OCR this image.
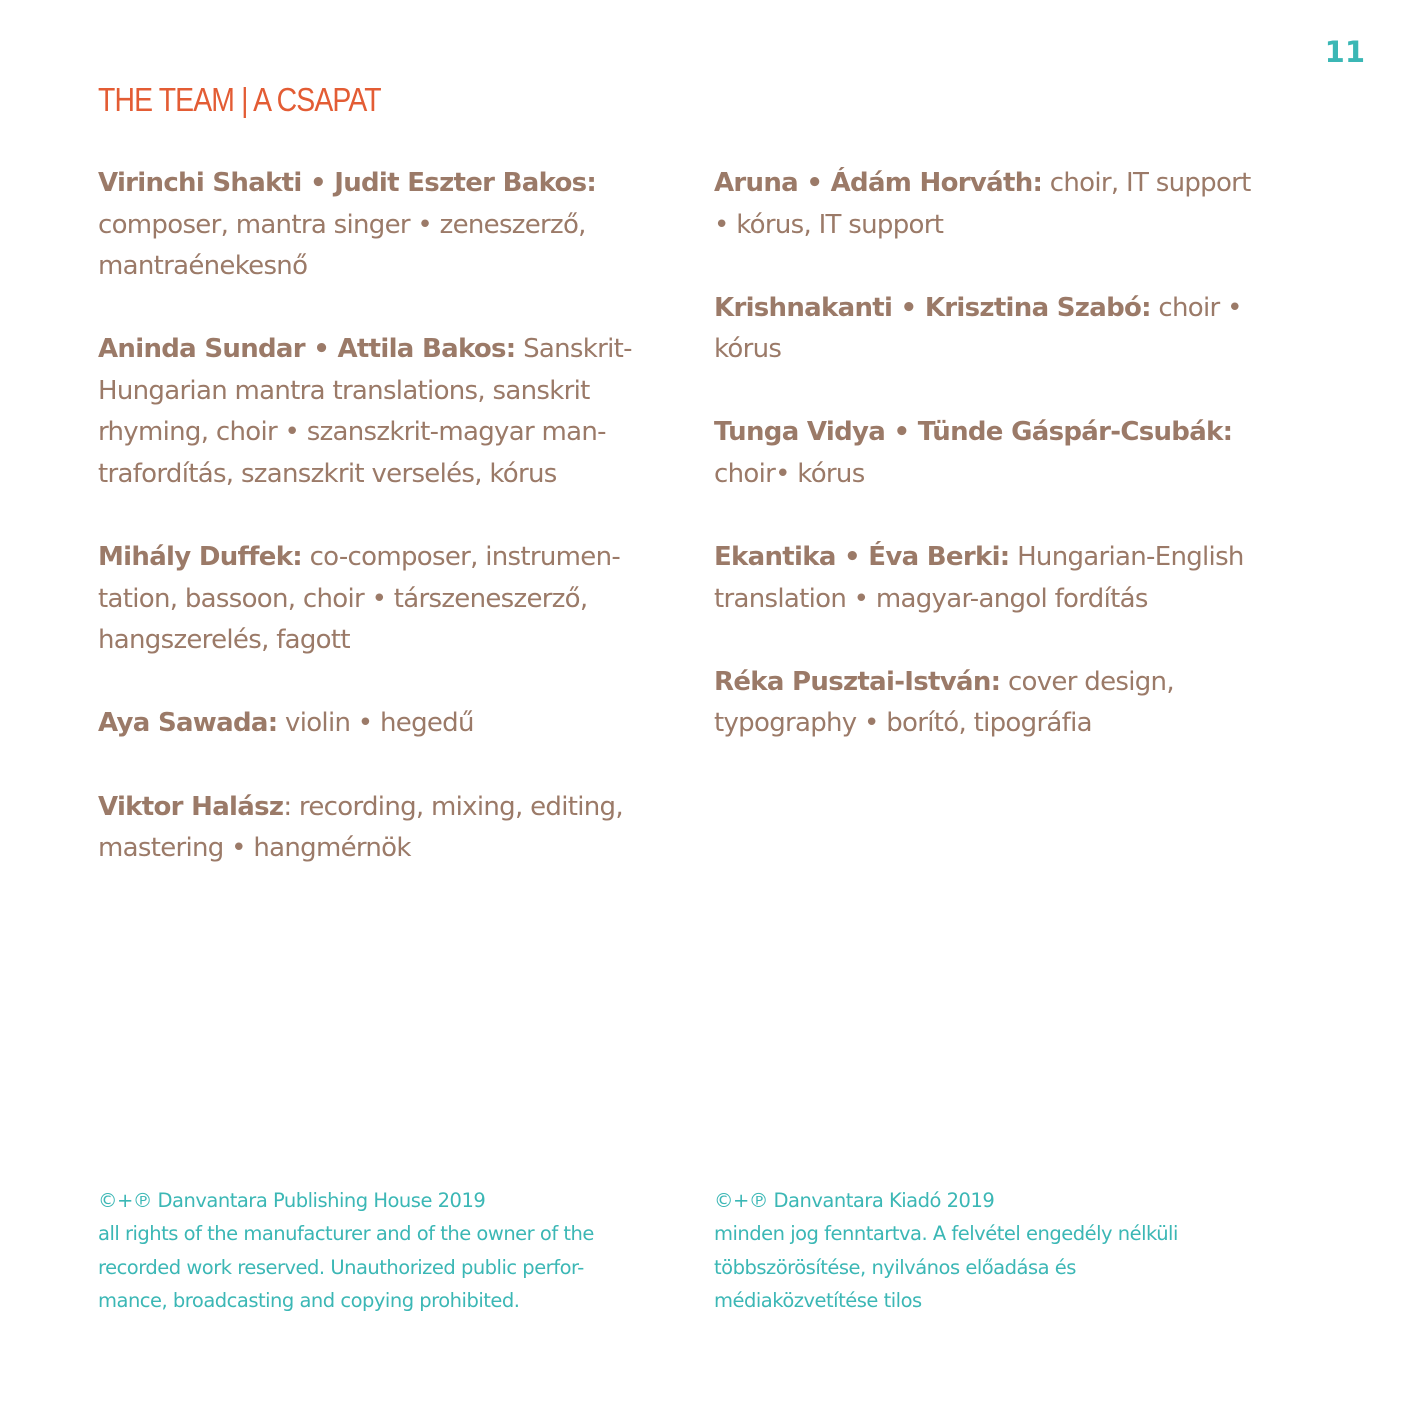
11
THE TEAM | A CSAPAT

Virinchi Shakti • Judit Eszter Bakos:
composer, mantra singer • zeneszerző,
mantraénekesnő

Aninda Sundar • Attila Bakos: Sanskrit-
Hungarian mantra translations, sanskrit
rhyming, choir • szanszkrit-magyar man-
trafordítás, szanszkrit verselés, kórus

Mihály Duffek: co-composer, instrumen-
tation, bassoon, choir • társzeneszerző,
hangszerelés, fagott

Aya Sawada: violin • hegedű

Viktor Halász: recording, mixing, editing,
mastering • hangmérnök

Aruna • Ádám Horváth: choir, IT support
• kórus, IT support

Krishnakanti • Krisztina Szabó: choir •
kórus

Tunga Vidya • Tünde Gáspár-Csubák:
choir• kórus

Ekantika • Éva Berki: Hungarian-English
translation • magyar-angol fordítás

Réka Pusztai-István: cover design,
typography • borító, tipográfia

©+℗ Danvantara Publishing House 2019
all rights of the manufacturer and of the owner of the
recorded work reserved. Unauthorized public perfor-
mance, broadcasting and copying prohibited.
©+℗ Danvantara Kiadó 2019
minden jog fenntartva. A felvétel engedély nélküli
többszörösítése, nyilvános előadása és
médiaközvetítése tilos
